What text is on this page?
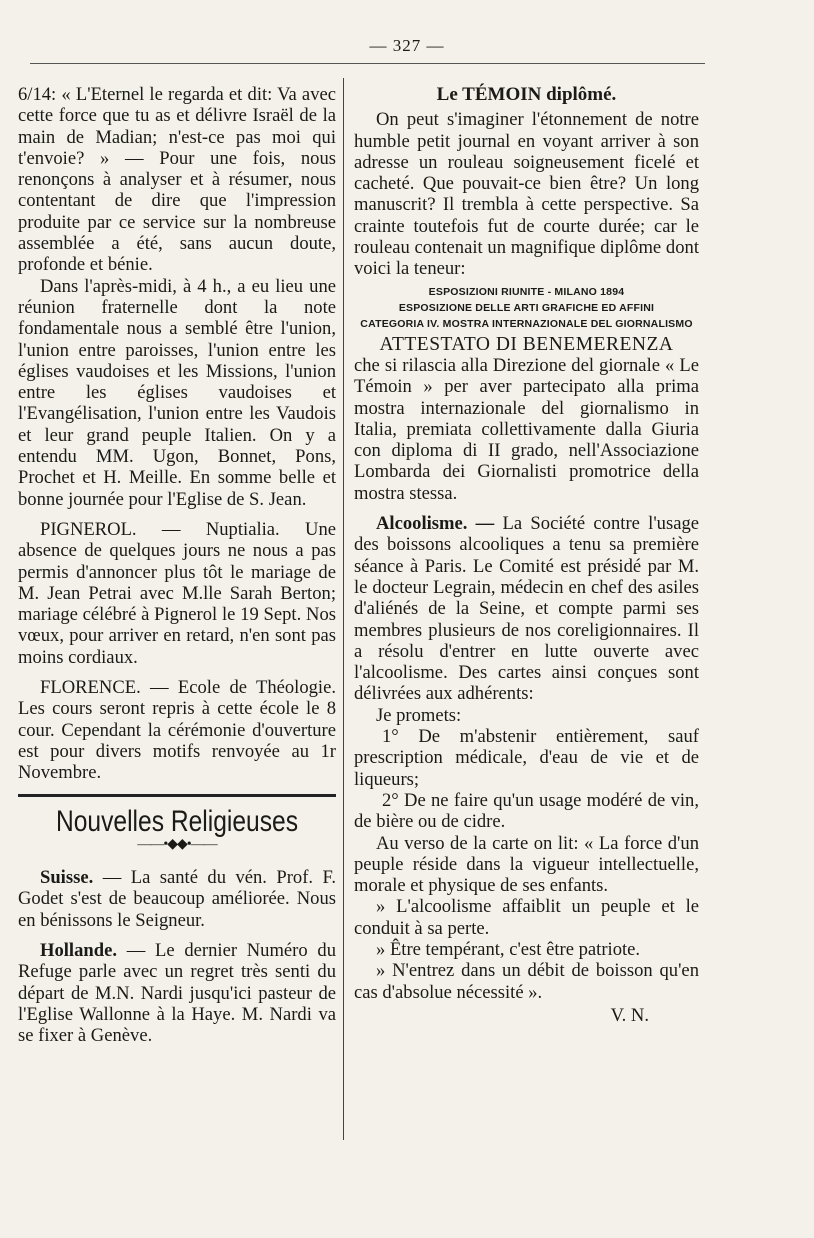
— 327 —

6/14: « L'Eternel le regarda et dit: Va avec cette force que tu as et délivre Israël de la main de Madian; n'est-ce pas moi qui t'envoie? » — Pour une fois, nous renonçons à analyser et à résumer, nous contentant de dire que l'impression produite par ce service sur la nombreuse assemblée a été, sans aucun doute, profonde et bénie.

Dans l'après-midi, à 4 h., a eu lieu une réunion fraternelle dont la note fondamentale nous a semblé être l'union, l'union entre paroisses, l'union entre les églises vaudoises et les Missions, l'union entre les églises vaudoises et l'Evangélisation, l'union entre les Vaudois et leur grand peuple Italien. On y a entendu MM. Ugon, Bonnet, Pons, Prochet et H. Meille. En somme belle et bonne journée pour l'Eglise de S. Jean.

PIGNEROL. — Nuptialia. Une absence de quelques jours ne nous a pas permis d'annoncer plus tôt le mariage de M. Jean Petrai avec M.lle Sarah Berton; mariage célébré à Pignerol le 19 Sept. Nos vœux, pour arriver en retard, n'en sont pas moins cordiaux.

FLORENCE. — Ecole de Théologie. Les cours seront repris à cette école le 8 cour. Cependant la cérémonie d'ouverture est pour divers motifs renvoyée au 1r Novembre.

Nouvelles Religieuses
——•◆◆•——

Suisse. — La santé du vén. Prof. F. Godet s'est de beaucoup améliorée. Nous en bénissons le Seigneur.

Hollande. — Le dernier Numéro du Refuge parle avec un regret très senti du départ de M.N. Nardi jusqu'ici pasteur de l'Eglise Wallonne à la Haye. M. Nardi va se fixer à Genève.

Le TÉMOIN diplômé.

On peut s'imaginer l'étonnement de notre humble petit journal en voyant arriver à son adresse un rouleau soigneusement ficelé et cacheté. Que pouvait-ce bien être? Un long manuscrit? Il trembla à cette perspective. Sa crainte toutefois fut de courte durée; car le rouleau contenait un magnifique diplôme dont voici la teneur:

ESPOSIZIONI RIUNITE - MILANO 1894
ESPOSIZIONE DELLE ARTI GRAFICHE ED AFFINI
CATEGORIA IV. MOSTRA INTERNAZIONALE DEL GIORNALISMO
ATTESTATO DI BENEMERENZA

che si rilascia alla Direzione del giornale « Le Témoin » per aver partecipato alla prima mostra internazionale del giornalismo in Italia, premiata collettivamente dalla Giuria con diploma di II grado, nell'Associazione Lombarda dei Giornalisti promotrice della mostra stessa.

Alcoolisme. — La Société contre l'usage des boissons alcooliques a tenu sa première séance à Paris. Le Comité est présidé par M. le docteur Legrain, médecin en chef des asiles d'aliénés de la Seine, et compte parmi ses membres plusieurs de nos coreligionnaires. Il a résolu d'entrer en lutte ouverte avec l'alcoolisme. Des cartes ainsi conçues sont délivrées aux adhérents:

Je promets:

1° De m'abstenir entièrement, sauf prescription médicale, d'eau de vie et de liqueurs;

2° De ne faire qu'un usage modéré de vin, de bière ou de cidre.

Au verso de la carte on lit: « La force d'un peuple réside dans la vigueur intellectuelle, morale et physique de ses enfants.

» L'alcoolisme affaiblit un peuple et le conduit à sa perte.

» Être tempérant, c'est être patriote.

» N'entrez dans un débit de boisson qu'en cas d'absolue nécessité ».

V. N.
